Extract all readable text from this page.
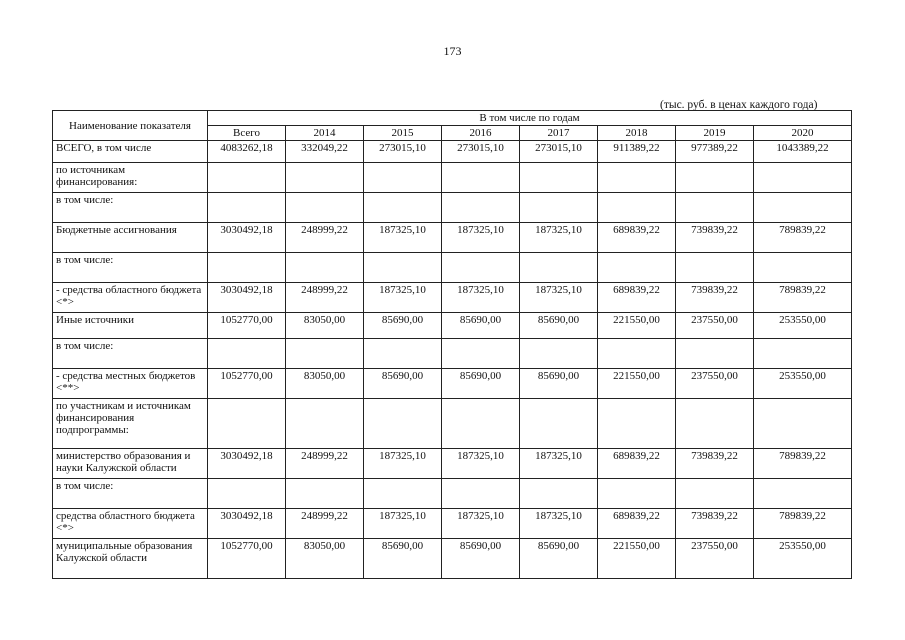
173
(тыс. руб. в ценах каждого года)
Наименование показателя	В том числе по годам							
	Всего	2014	2015	2016	2017	2018	2019	2020
ВСЕГО, в том числе	4083262,18	332049,22	273015,10	273015,10	273015,10	911389,22	977389,22	1043389,22
по источникам финансирования:								
в том числе:								
Бюджетные ассигнования	3030492,18	248999,22	187325,10	187325,10	187325,10	689839,22	739839,22	789839,22
в том числе:								
- средства областного бюджета <*>	3030492,18	248999,22	187325,10	187325,10	187325,10	689839,22	739839,22	789839,22
Иные источники	1052770,00	83050,00	85690,00	85690,00	85690,00	221550,00	237550,00	253550,00
в том числе:								
- средства местных бюджетов <**>	1052770,00	83050,00	85690,00	85690,00	85690,00	221550,00	237550,00	253550,00
по участникам и источникам финансирования подпрограммы:								
министерство образования и науки Калужской области	3030492,18	248999,22	187325,10	187325,10	187325,10	689839,22	739839,22	789839,22
в том числе:								
средства областного бюджета <*>	3030492,18	248999,22	187325,10	187325,10	187325,10	689839,22	739839,22	789839,22
муниципальные образования Калужской области	1052770,00	83050,00	85690,00	85690,00	85690,00	221550,00	237550,00	253550,00
